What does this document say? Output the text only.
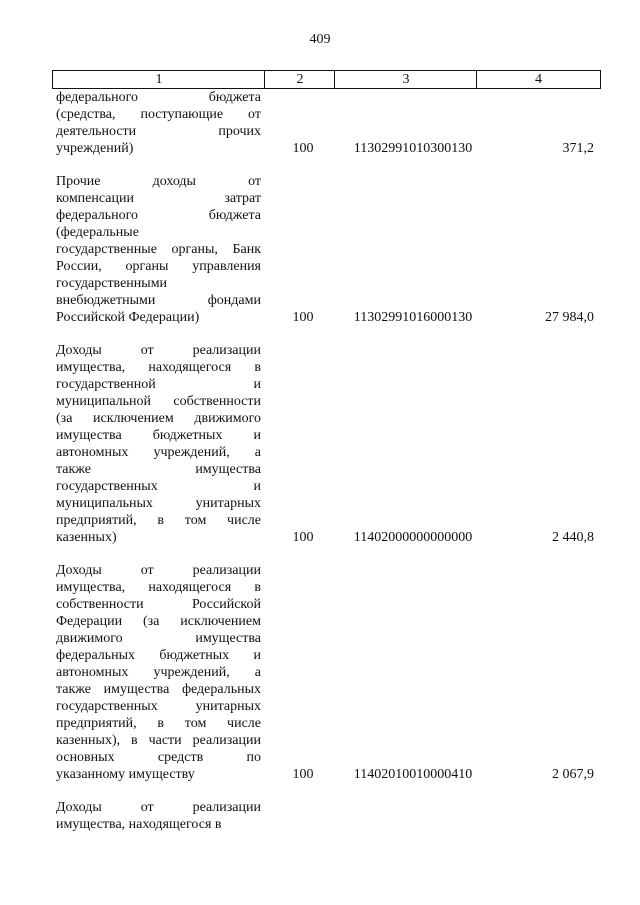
409
1	2	3	4
федерального бюджета
(средства, поступающие от
деятельности прочих
учреждений)	100	11302991010300130	371,2
Прочие доходы от
компенсации затрат
федерального бюджета
(федеральные
государственные органы, Банк
России, органы управления
государственными
внебюджетными фондами
Российской Федерации)	100	11302991016000130	27 984,0
Доходы от реализации
имущества, находящегося в
государственной и
муниципальной собственности
(за исключением движимого
имущества бюджетных и
автономных учреждений, а
также имущества
государственных и
муниципальных унитарных
предприятий, в том числе
казенных)	100	11402000000000000	2 440,8
Доходы от реализации
имущества, находящегося в
собственности Российской
Федерации (за исключением
движимого имущества
федеральных бюджетных и
автономных учреждений, а
также имущества федеральных
государственных унитарных
предприятий, в том числе
казенных), в части реализации
основных средств по
указанному имуществу	100	11402010010000410	2 067,9
Доходы от реализации
имущества, находящегося в
